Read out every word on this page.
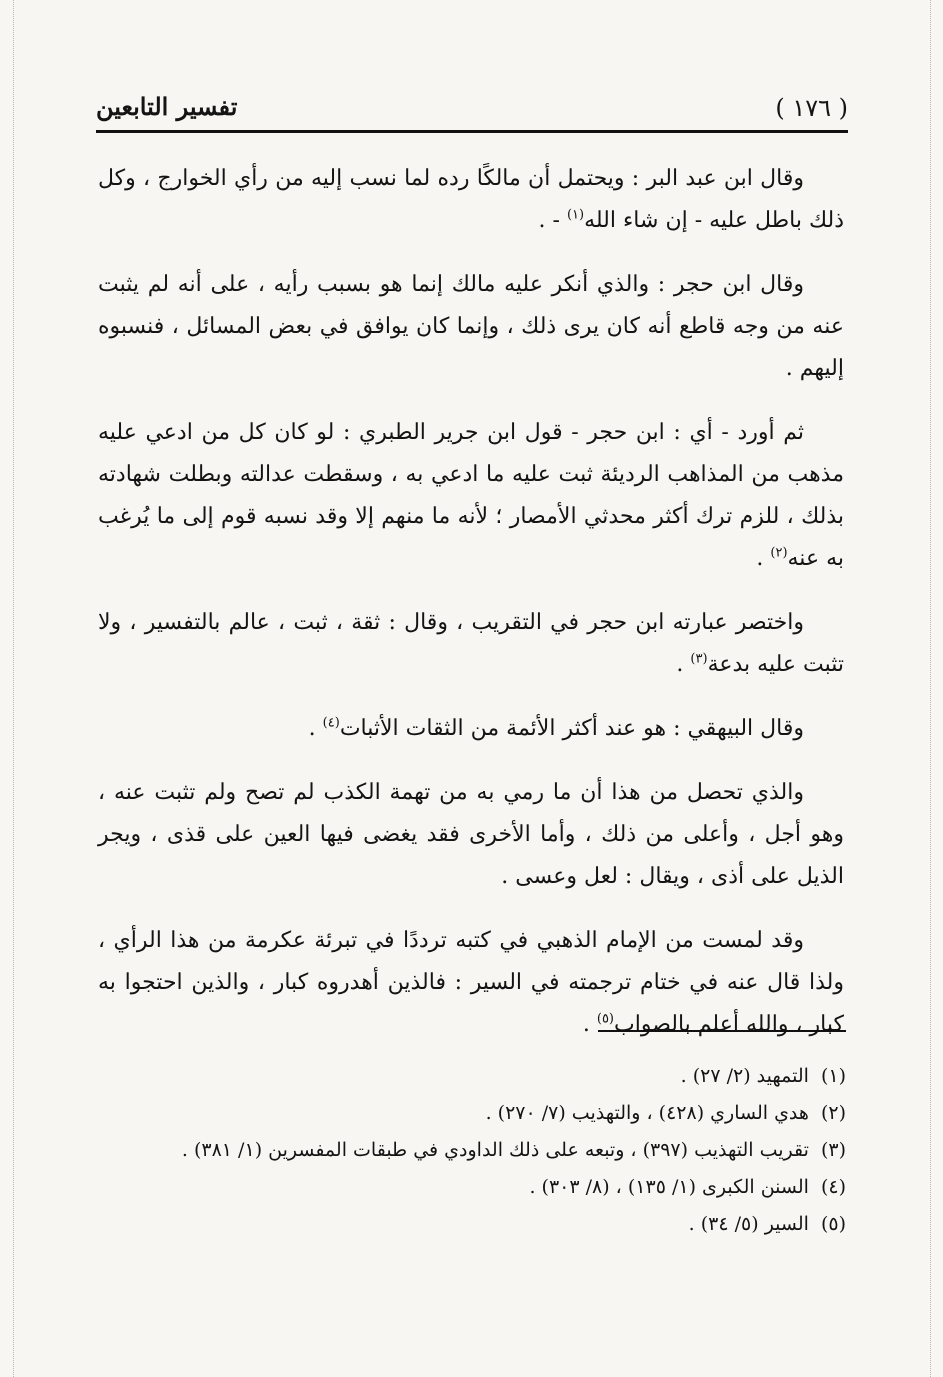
( ١٧٦ )
تفسير التابعين

وقال ابن عبد البر : ويحتمل أن مالكًا رده لما نسب إليه من رأي الخوارج ، وكل ذلك باطل عليه - إن شاء الله$^{(١)}$ - .

وقال ابن حجر : والذي أنكر عليه مالك إنما هو بسبب رأيه ، على أنه لم يثبت عنه من وجه قاطع أنه كان يرى ذلك ، وإنما كان يوافق في بعض المسائل ، فنسبوه إليهم .

ثم أورد - أي : ابن حجر - قول ابن جرير الطبري : لو كان كل من ادعي عليه مذهب من المذاهب الرديئة ثبت عليه ما ادعي به ، وسقطت عدالته وبطلت شهادته بذلك ، للزم ترك أكثر محدثي الأمصار ؛ لأنه ما منهم إلا وقد نسبه قوم إلى ما يُرغب به عنه$^{(٢)}$ .

واختصر عبارته ابن حجر في التقريب ، وقال : ثقة ، ثبت ، عالم بالتفسير ، ولا تثبت عليه بدعة$^{(٣)}$ .

وقال البيهقي : هو عند أكثر الأئمة من الثقات الأثبات$^{(٤)}$ .

والذي تحصل من هذا أن ما رمي به من تهمة الكذب لم تصح ولم تثبت عنه ، وهو أجل ، وأعلى من ذلك ، وأما الأخرى فقد يغضى فيها العين على قذى ، ويجر الذيل على أذى ، ويقال : لعل وعسى .

وقد لمست من الإمام الذهبي في كتبه ترددًا في تبرئة عكرمة من هذا الرأي ، ولذا قال عنه في ختام ترجمته في السير : فالذين أهدروه كبار ، والذين احتجوا به كبار ، والله أعلم بالصواب$^{(٥)}$ .

(١)التمهيد (٢/ ٢٧) .
(٢)هدي الساري (٤٢٨) ، والتهذيب (٧/ ٢٧٠) .
(٣)تقريب التهذيب (٣٩٧) ، وتبعه على ذلك الداودي في طبقات المفسرين (١/ ٣٨١) .
(٤)السنن الكبرى (١/ ١٣٥) ، (٨/ ٣٠٣) .
(٥)السير (٥/ ٣٤) .
